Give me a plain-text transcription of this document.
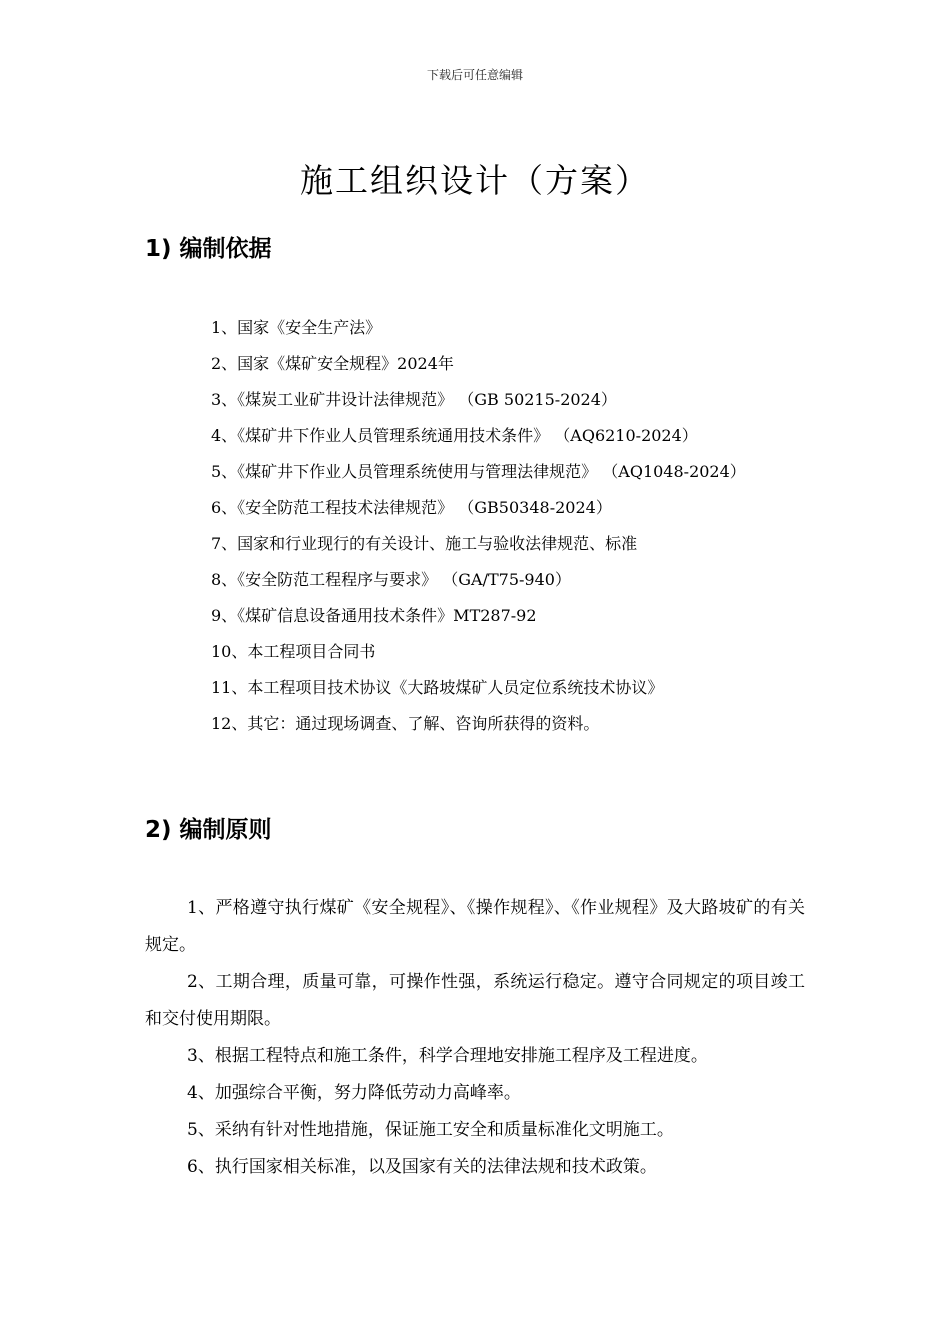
下载后可任意编辑
施工组织设计（方案）
1) 编制依据
1、国家《安全生产法》
2、国家《煤矿安全规程》2024年
3、《煤炭工业矿井设计法律规范》 （GB 50215-2024）
4、《煤矿井下作业人员管理系统通用技术条件》 （AQ6210-2024）
5、《煤矿井下作业人员管理系统使用与管理法律规范》 （AQ1048-2024）
6、《安全防范工程技术法律规范》 （GB50348-2024）
7、国家和行业现行的有关设计、施工与验收法律规范、标准
8、《安全防范工程程序与要求》 （GA/T75-940）
9、《煤矿信息设备通用技术条件》MT287-92
10、本工程项目合同书
11、本工程项目技术协议《大路坡煤矿人员定位系统技术协议》
12、其它：通过现场调查、了解、咨询所获得的资料。
2) 编制原则
1、严格遵守执行煤矿《安全规程》、《操作规程》、《作业规程》及大路坡矿的有关规定。
2、工期合理，质量可靠，可操作性强，系统运行稳定。遵守合同规定的项目竣工和交付使用期限。
3、根据工程特点和施工条件，科学合理地安排施工程序及工程进度。
4、加强综合平衡，努力降低劳动力高峰率。
5、采纳有针对性地措施，保证施工安全和质量标准化文明施工。
6、执行国家相关标准，以及国家有关的法律法规和技术政策。
